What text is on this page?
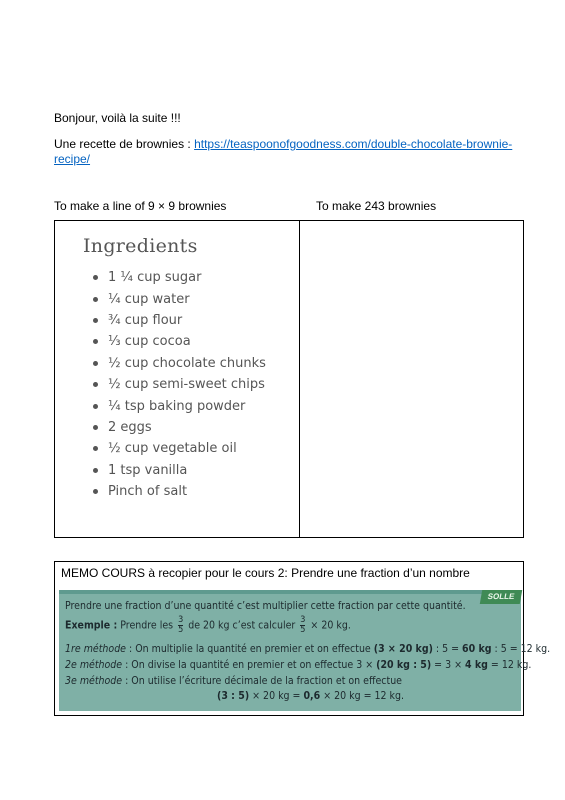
Bonjour, voilà la suite !!!
Une recette de brownies : https://teaspoonofgoodness.com/double-chocolate-brownie-
recipe/
To make a line of 9 × 9 brownies	To make 243 brownies
Ingredients
1 ¼ cup sugar
¼ cup water
¾ cup flour
⅓ cup cocoa
½ cup chocolate chunks
½ cup semi-sweet chips
¼ tsp baking powder
2 eggs
½ cup vegetable oil
1 tsp vanilla
Pinch of salt
MEMO COURS à recopier pour le cours 2: Prendre une fraction d’un nombre
SOLLE
Prendre une fraction d’une quantité c’est multiplier cette fraction par cette quantité.
Exemple : Prendre les $\frac{3}{5}$ de 20 kg c’est calculer $\frac{3}{5} \times 20$ kg.
1re méthode : On multiplie la quantité en premier et on effectue (3 × 20 kg) : 5 = 60 kg : 5 = 12 kg.
2e méthode : On divise la quantité en premier et on effectue 3 × (20 kg : 5) = 3 × 4 kg = 12 kg.
3e méthode : On utilise l’écriture décimale de la fraction et on effectue
(3 : 5) × 20 kg = 0,6 × 20 kg = 12 kg.
